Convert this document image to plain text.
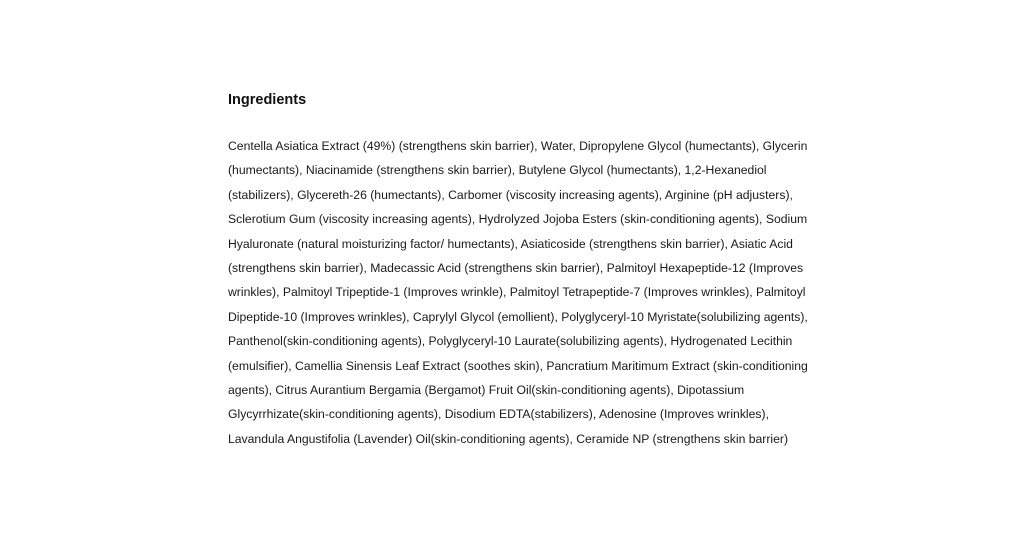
Ingredients

Centella Asiatica Extract (49%) (strengthens skin barrier), Water, Dipropylene Glycol (humectants), Glycerin
(humectants), Niacinamide (strengthens skin barrier), Butylene Glycol (humectants), 1,2-Hexanediol
(stabilizers), Glycereth-26 (humectants), Carbomer (viscosity increasing agents), Arginine (pH adjusters),
Sclerotium Gum (viscosity increasing agents), Hydrolyzed Jojoba Esters (skin-conditioning agents), Sodium
Hyaluronate (natural moisturizing factor/ humectants), Asiaticoside (strengthens skin barrier), Asiatic Acid
(strengthens skin barrier), Madecassic Acid (strengthens skin barrier), Palmitoyl Hexapeptide-12 (Improves
wrinkles), Palmitoyl Tripeptide-1 (Improves wrinkle), Palmitoyl Tetrapeptide-7 (Improves wrinkles), Palmitoyl
Dipeptide-10 (Improves wrinkles), Caprylyl Glycol (emollient), Polyglyceryl-10 Myristate(solubilizing agents),
Panthenol(skin-conditioning agents), Polyglyceryl-10 Laurate(solubilizing agents), Hydrogenated Lecithin
(emulsifier), Camellia Sinensis Leaf Extract (soothes skin), Pancratium Maritimum Extract (skin-conditioning
agents), Citrus Aurantium Bergamia (Bergamot) Fruit Oil(skin-conditioning agents), Dipotassium
Glycyrrhizate(skin-conditioning agents), Disodium EDTA(stabilizers), Adenosine (Improves wrinkles),
Lavandula Angustifolia (Lavender) Oil(skin-conditioning agents), Ceramide NP (strengthens skin barrier)
